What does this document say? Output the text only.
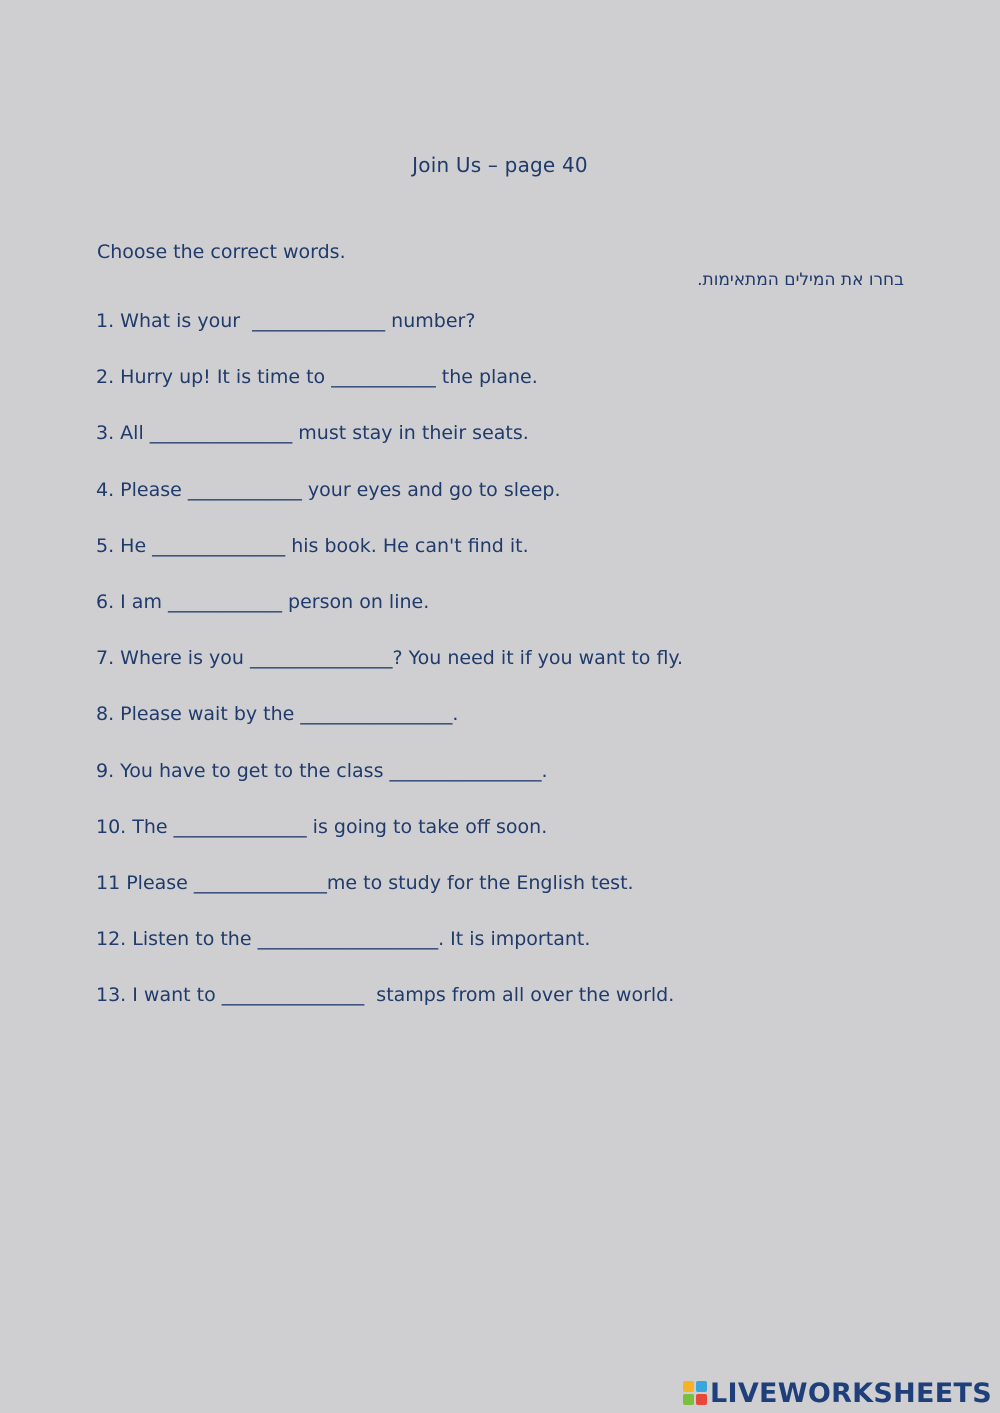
Join Us – page 40
Choose the correct words.
בחרו את המילים המתאימות.
1. What is your  ______________ number?
2. Hurry up! It is time to ___________ the plane.
3. All _______________ must stay in their seats.
4. Please ____________ your eyes and go to sleep.
5. He ______________ his book. He can't find it.
6. I am ____________ person on line.
7. Where is you _______________? You need it if you want to fly.
8. Please wait by the ________________.
9. You have to get to the class ________________.
10. The ______________ is going to take off soon.
11 Please ______________me to study for the English test.
12. Listen to the ___________________. It is important.
13. I want to _______________  stamps from all over the world.
LIVEWORKSHEETS
